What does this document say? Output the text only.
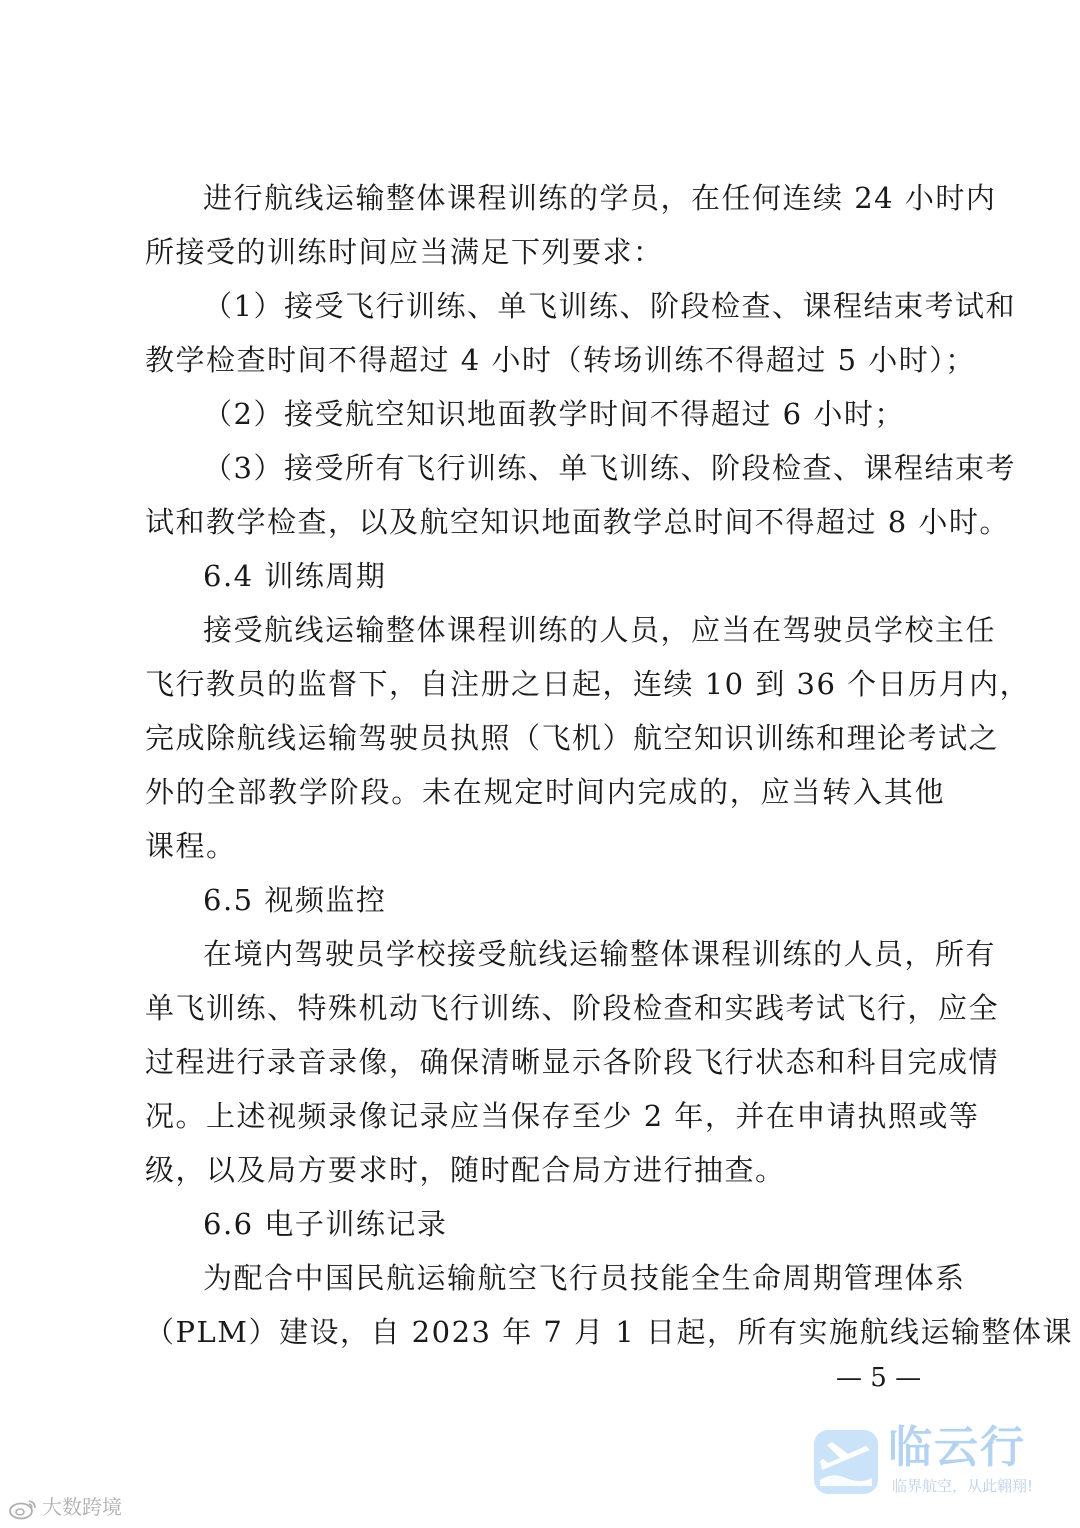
进行航线运输整体课程训练的学员，在任何连续 24 小时内
所接受的训练时间应当满足下列要求：
（1）接受飞行训练、单飞训练、阶段检查、课程结束考试和
教学检查时间不得超过 4 小时（转场训练不得超过 5 小时）；
（2）接受航空知识地面教学时间不得超过 6 小时；
（3）接受所有飞行训练、单飞训练、阶段检查、课程结束考
试和教学检查，以及航空知识地面教学总时间不得超过 8 小时。
6.4 训练周期
接受航线运输整体课程训练的人员，应当在驾驶员学校主任
飞行教员的监督下，自注册之日起，连续 10 到 36 个日历月内，
完成除航线运输驾驶员执照（飞机）航空知识训练和理论考试之
外的全部教学阶段。未在规定时间内完成的，应当转入其他
课程。
6.5 视频监控
在境内驾驶员学校接受航线运输整体课程训练的人员，所有
单飞训练、特殊机动飞行训练、阶段检查和实践考试飞行，应全
过程进行录音录像，确保清晰显示各阶段飞行状态和科目完成情
况。上述视频录像记录应当保存至少 2 年，并在申请执照或等
级，以及局方要求时，随时配合局方进行抽查。
6.6 电子训练记录
为配合中国民航运输航空飞行员技能全生命周期管理体系
（PLM）建设，自 2023 年 7 月 1 日起，所有实施航线运输整体课
— 5 —
临云行
临界航空，从此翱翔!
大数跨境
